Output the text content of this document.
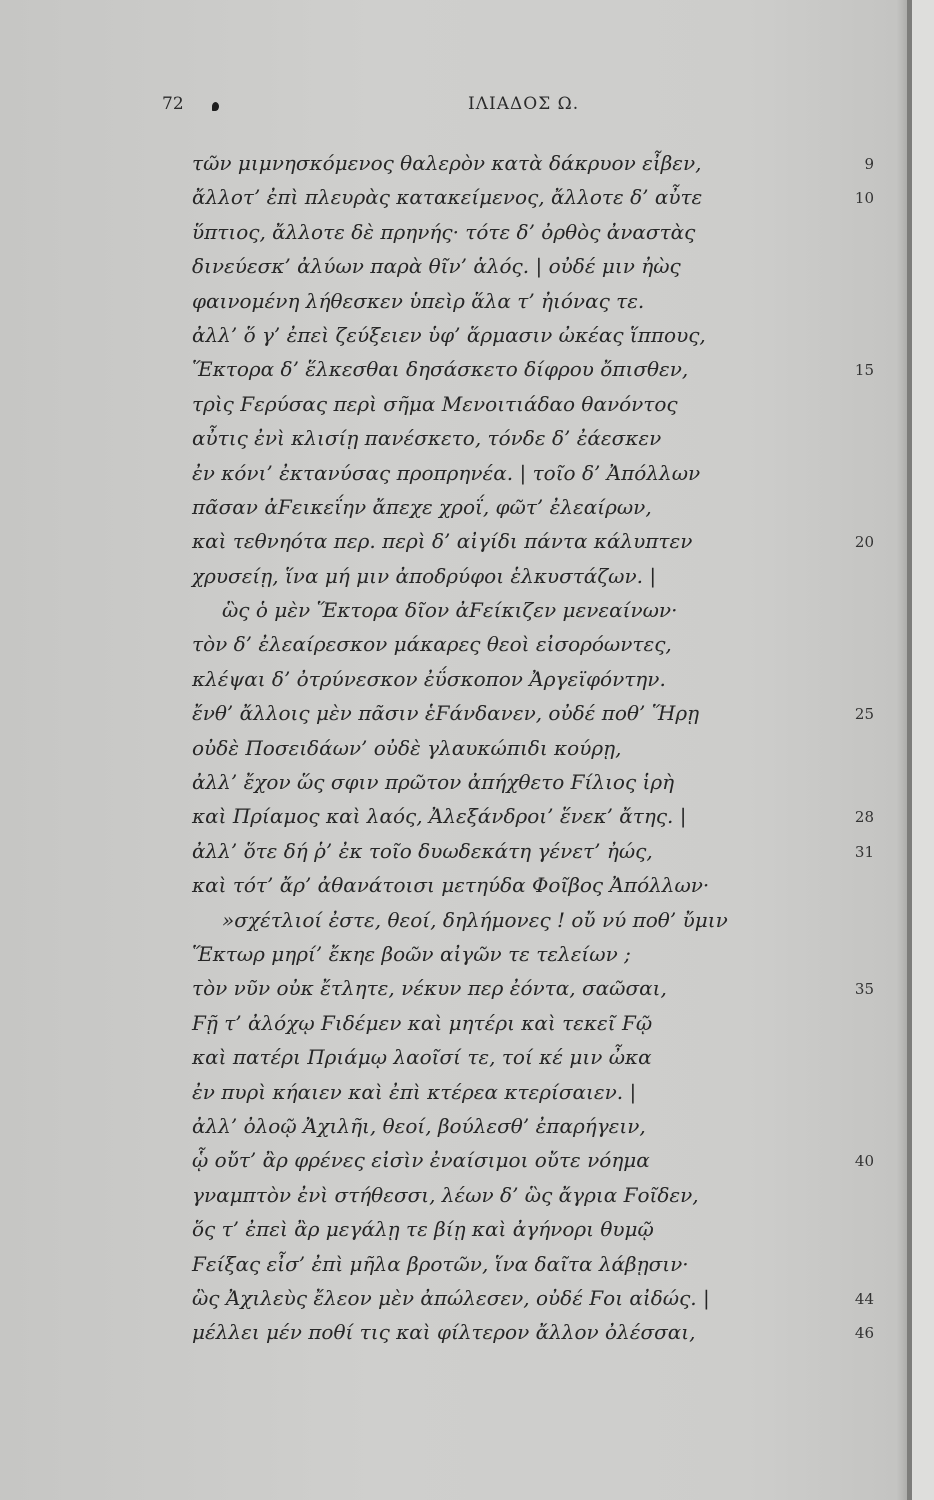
72	ΙΛΙΑΔΟΣ Ω.
τῶν μιμνησκόμενος θαλερὸν κατὰ δάκρυον εἶβεν,	9
ἄλλοτ’ ἐπὶ πλευρὰς κατακείμενος, ἄλλοτε δ’ αὖτε	10
ὕπτιος, ἄλλοτε δὲ πρηνής· τότε δ’ ὀρθὸς ἀναστὰς
δινεύεσκ’ ἀλύων παρὰ θῖν’ ἁλός. | οὐδέ μιν ἠὼς
φαινομένη λήθεσκεν ὑπεὶρ ἅλα τ’ ἠιόνας τε.
ἀλλ’ ὅ γ’ ἐπεὶ ζεύξειεν ὑφ’ ἅρμασιν ὠκέας ἵππους,
Ἕκτορα δ’ ἕλκεσθαι δησάσκετο δίφρου ὄπισθεν,	15
τρὶς Ϝερύσας περὶ σῆμα Μενοιτιάδαο θανόντος
αὖτις ἐνὶ κλισίῃ πανέσκετο, τόνδε δ’ ἐάεσκεν
ἐν κόνι’ ἐκτανύσας προπρηνέα. | τοῖο δ’ Ἀπόλλων
πᾶσαν ἀϜεικεΐην ἄπεχε χροΐ, φῶτ’ ἐλεαίρων,
καὶ τεθνηότα περ. περὶ δ’ αἰγίδι πάντα κάλυπτεν	20
χρυσείῃ, ἵνα μή μιν ἀποδρύφοι ἑλκυστάζων. |
ὣς ὁ μὲν Ἕκτορα δῖον ἀϜείκιζεν μενεαίνων·
τὸν δ’ ἐλεαίρεσκον μάκαρες θεοὶ εἰσορόωντες,
κλέψαι δ’ ὀτρύνεσκον ἐΰσκοπον Ἀργεϊφόντην.
ἔνθ’ ἄλλοις μὲν πᾶσιν ἑϜάνδανεν, οὐδέ ποθ’ Ἥρῃ	25
οὐδὲ Ποσειδάων’ οὐδὲ γλαυκώπιδι κούρῃ,
ἀλλ’ ἔχον ὥς σφιν πρῶτον ἀπήχθετο Ϝίλιος ἱρὴ
καὶ Πρίαμος καὶ λαός, Ἀλεξάνδροι’ ἕνεκ’ ἄτης. |	28
ἀλλ’ ὅτε δή ῥ’ ἐκ τοῖο δυωδεκάτη γένετ’ ἠώς,	31
καὶ τότ’ ἄρ’ ἀθανάτοισι μετηύδα Φοῖβος Ἀπόλλων·
»σχέτλιοί ἐστε, θεοί, δηλήμονες ! οὔ νύ ποθ’ ὔμιν
Ἕκτωρ μηρί’ ἔκηε βοῶν αἰγῶν τε τελείων ;
τὸν νῦν οὐκ ἔτλητε, νέκυν περ ἐόντα, σαῶσαι,	35
Ϝῇ τ’ ἀλόχῳ Ϝιδέμεν καὶ μητέρι καὶ τεκεῖ Ϝῷ
καὶ πατέρι Πριάμῳ λαοῖσί τε, τοί κέ μιν ὦκα
ἐν πυρὶ κήαιεν καὶ ἐπὶ κτέρεα κτερίσαιεν. |
ἀλλ’ ὀλοῷ Ἀχιλῆι, θεοί, βούλεσθ’ ἐπαρήγειν,
ᾧ οὔτ’ ἂρ φρένες εἰσὶν ἐναίσιμοι οὔτε νόημα	40
γναμπτὸν ἐνὶ στήθεσσι, λέων δ’ ὣς ἄγρια Ϝοῖδεν,
ὅς τ’ ἐπεὶ ἂρ μεγάλῃ τε βίῃ καὶ ἀγήνορι θυμῷ
Ϝείξας εἶσ’ ἐπὶ μῆλα βροτῶν, ἵνα δαῖτα λάβῃσιν·
ὣς Ἀχιλεὺς ἔλεον μὲν ἀπώλεσεν, οὐδέ Ϝοι αἰδώς. |	44
μέλλει μέν ποθί τις καὶ φίλτερον ἄλλον ὀλέσσαι,	46
